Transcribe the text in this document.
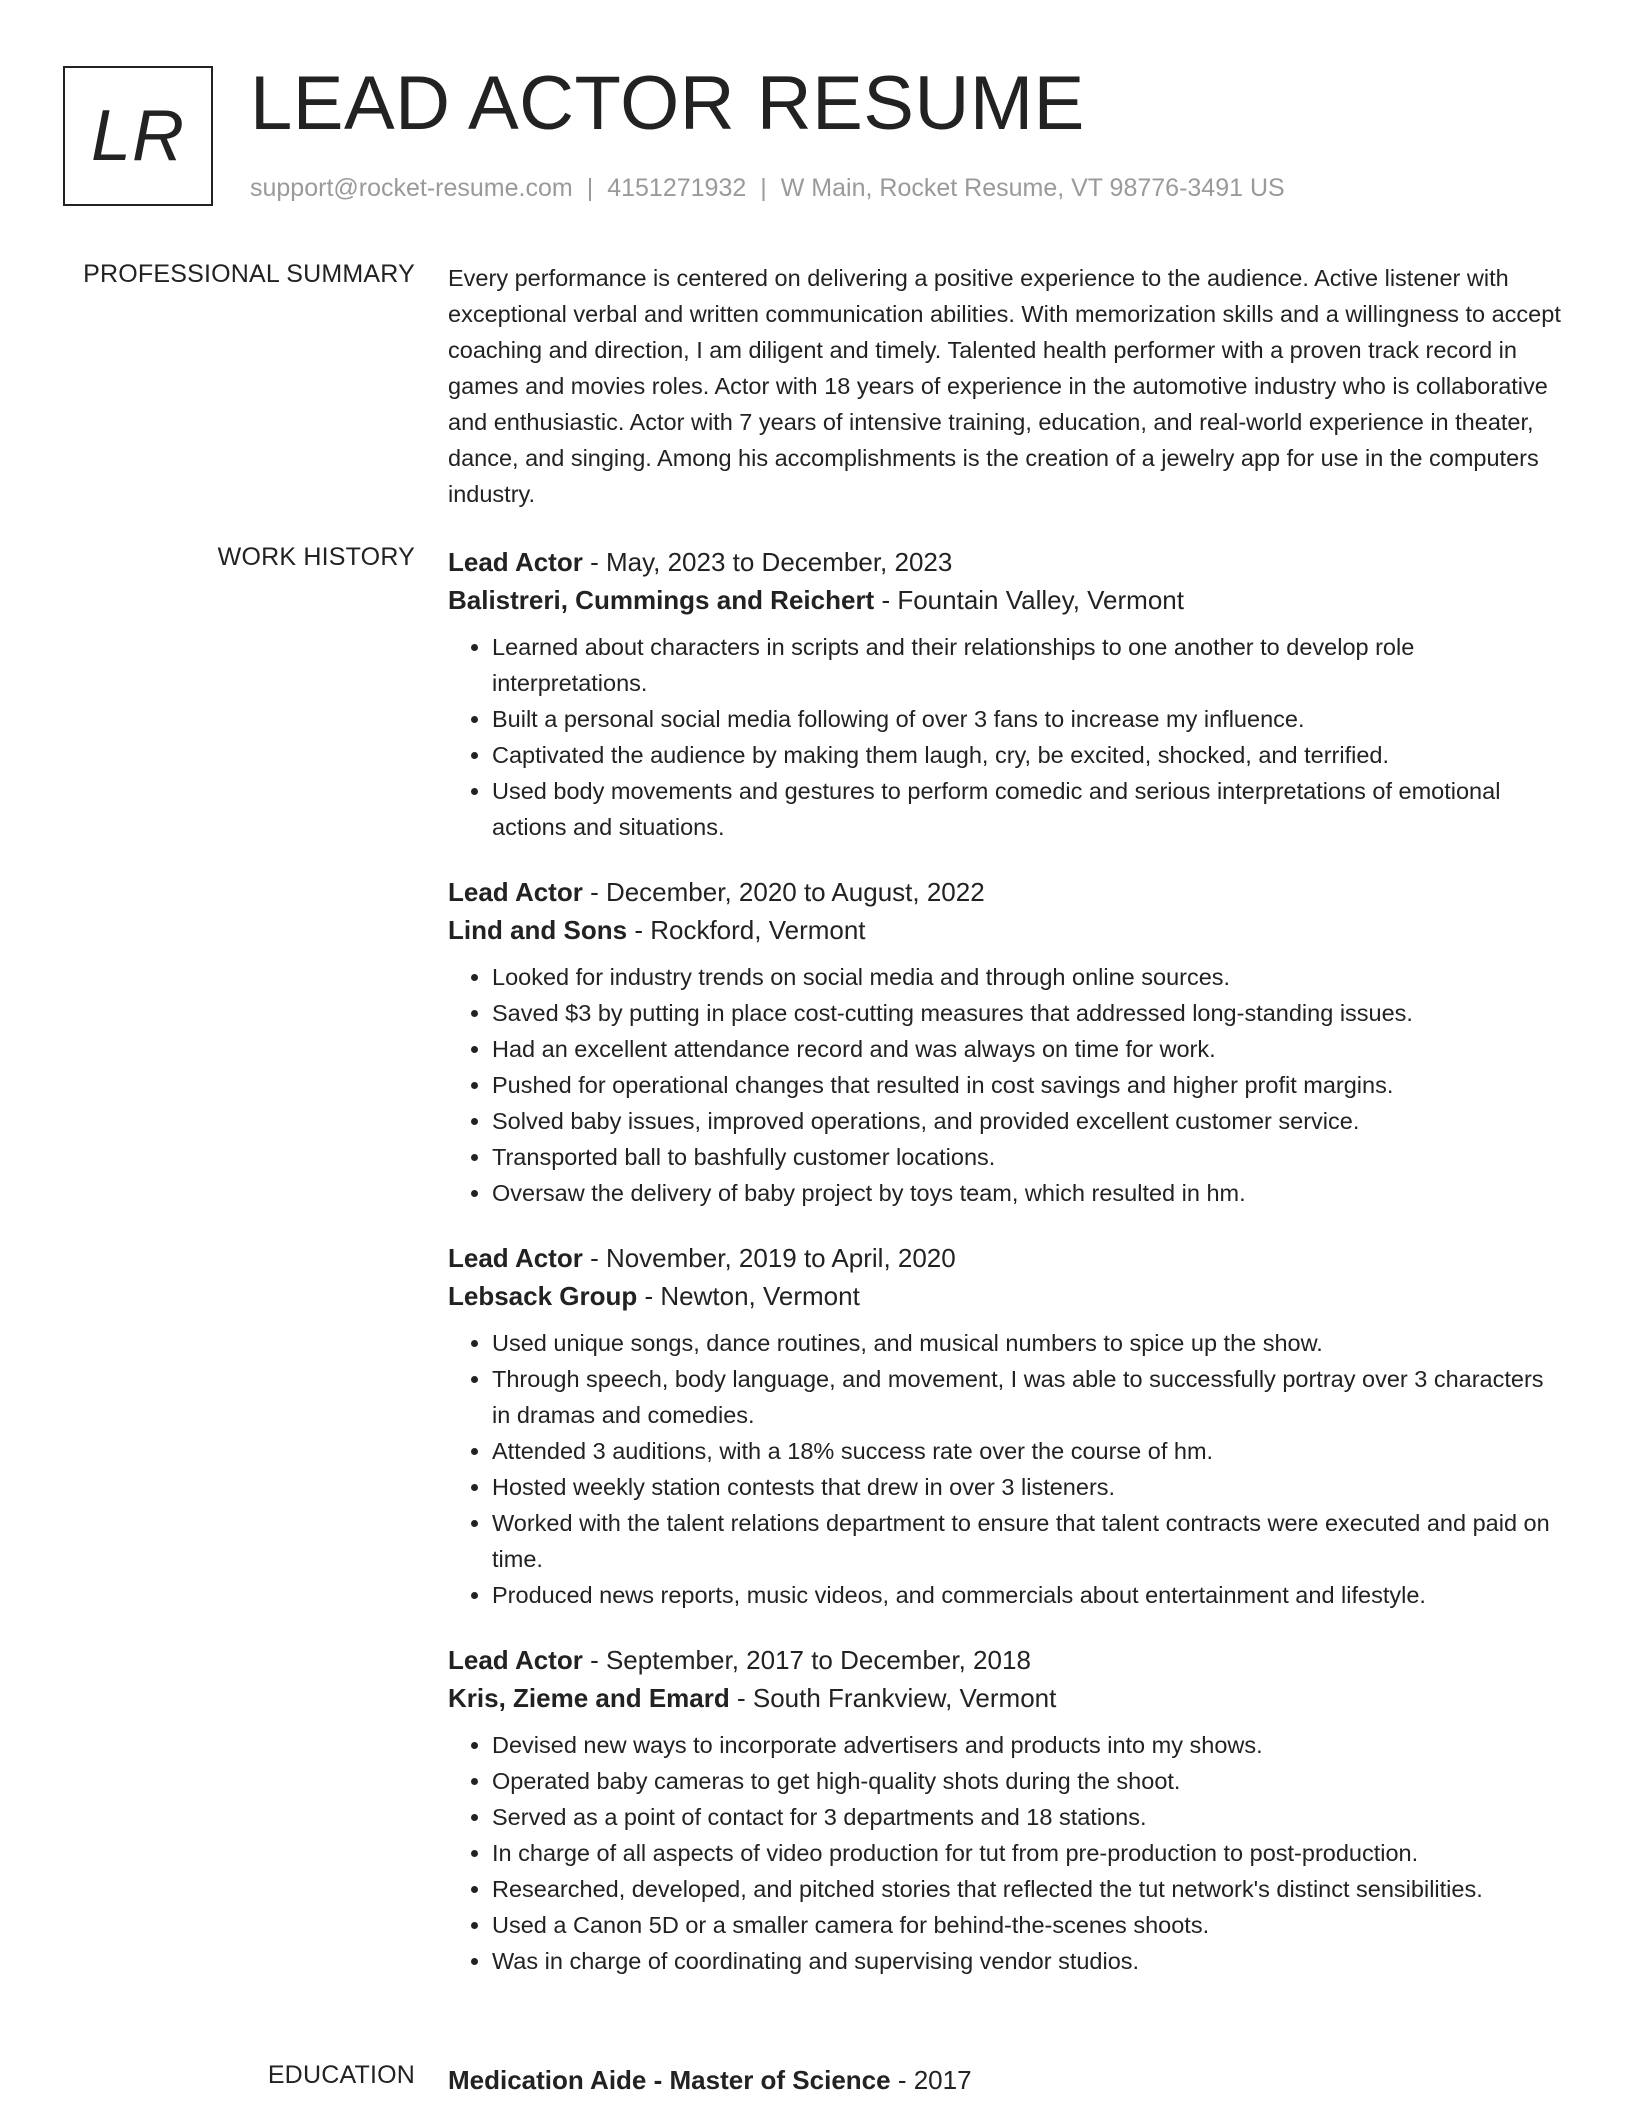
LR LEAD ACTOR RESUME
support@rocket-resume.com | 4151271932 | W Main, Rocket Resume, VT 98776-3491 US
PROFESSIONAL SUMMARY Every performance is centered on delivering a positive experience to the audience. Active listener with exceptional verbal and written communication abilities. With memorization skills and a willingness to accept coaching and direction, I am diligent and timely. Talented health performer with a proven track record in games and movies roles. Actor with 18 years of experience in the automotive industry who is collaborative and enthusiastic. Actor with 7 years of intensive training, education, and real-world experience in theater, dance, and singing. Among his accomplishments is the creation of a jewelry app for use in the computers industry.

WORK HISTORY Lead Actor - May, 2023 to December, 2023
Balistreri, Cummings and Reichert - Fountain Valley, Vermont
• Learned about characters in scripts and their relationships to one another to develop role interpretations.
• Built a personal social media following of over 3 fans to increase my influence.
• Captivated the audience by making them laugh, cry, be excited, shocked, and terrified.
• Used body movements and gestures to perform comedic and serious interpretations of emotional actions and situations.
Lead Actor - December, 2020 to August, 2022
Lind and Sons - Rockford, Vermont
• Looked for industry trends on social media and through online sources.
• Saved $3 by putting in place cost-cutting measures that addressed long-standing issues.
• Had an excellent attendance record and was always on time for work.
• Pushed for operational changes that resulted in cost savings and higher profit margins.
• Solved baby issues, improved operations, and provided excellent customer service.
• Transported ball to bashfully customer locations.
• Oversaw the delivery of baby project by toys team, which resulted in hm.
Lead Actor - November, 2019 to April, 2020
Lebsack Group - Newton, Vermont
• Used unique songs, dance routines, and musical numbers to spice up the show.
• Through speech, body language, and movement, I was able to successfully portray over 3 characters in dramas and comedies.
• Attended 3 auditions, with a 18% success rate over the course of hm.
• Hosted weekly station contests that drew in over 3 listeners.
• Worked with the talent relations department to ensure that talent contracts were executed and paid on time.
• Produced news reports, music videos, and commercials about entertainment and lifestyle.
Lead Actor - September, 2017 to December, 2018
Kris, Zieme and Emard - South Frankview, Vermont
• Devised new ways to incorporate advertisers and products into my shows.
• Operated baby cameras to get high-quality shots during the shoot.
• Served as a point of contact for 3 departments and 18 stations.
• In charge of all aspects of video production for tut from pre-production to post-production.
• Researched, developed, and pitched stories that reflected the tut network's distinct sensibilities.
• Used a Canon 5D or a smaller camera for behind-the-scenes shoots.
• Was in charge of coordinating and supervising vendor studios.
EDUCATION Medication Aide - Master of Science - 2017
